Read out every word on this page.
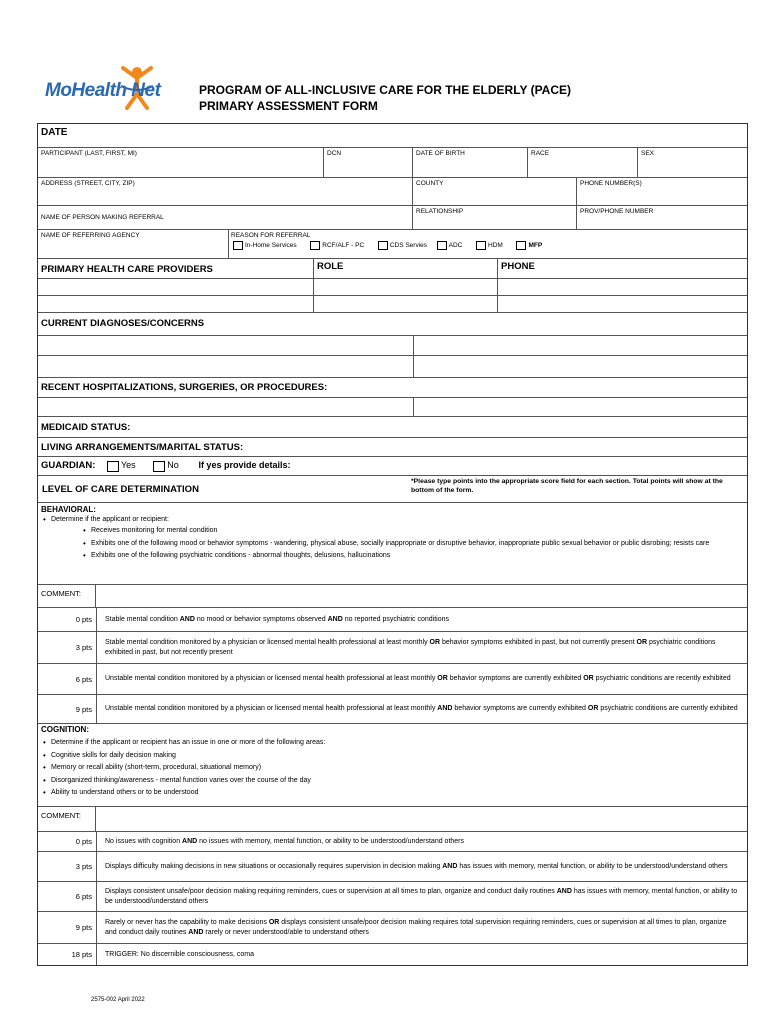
MoHealth Net	PROGRAM OF ALL-INCLUSIVE CARE FOR THE ELDERLY (PACE)
PRIMARY ASSESSMENT FORM
DATE
PARTICIPANT (LAST, FIRST, MI)	DCN	DATE OF BIRTH	RACE	SEX
ADDRESS (STREET, CITY, ZIP)	COUNTY	PHONE NUMBER(S)
NAME OF PERSON MAKING REFERRAL
RELATIONSHIP	PROV/PHONE NUMBER
NAME OF REFERRING AGENCY	REASON FOR REFERRAL
In-Home Services	RCF/ALF - PC	CDS Servies	ADC	HDM	MFP
PRIMARY HEALTH CARE PROVIDERS	ROLE	PHONE
CURRENT DIAGNOSES/CONCERNS
RECENT HOSPITALIZATIONS, SURGERIES, OR PROCEDURES:
MEDICAID STATUS:
LIVING ARRANGEMENTS/MARITAL STATUS:
GUARDIAN:	Yes	No If yes provide details:
LEVEL OF CARE DETERMINATION
*Please type points into the appropriate score field for each section. Total points will show at the bottom of the form.
BEHAVIORAL:
• Determine if the applicant or recipient:
• Receives monitoring for mental condition
• Exhibits one of the following mood or behavior symptoms - wandering, physical abuse, socially inappropriate or disruptive behavior, inappropriate public sexual behavior or public disrobing; resists care
• Exhibits one of the following psychiatric conditions - abnormal thoughts, delusions, hallucinations
COMMENT:
0 pts	Stable mental condition AND no mood or behavior symptoms observed AND no reported psychiatric conditions
3 pts
Stable mental condition monitored by a physician or licensed mental health professional at least monthly OR behavior symptoms exhibited in past, but not currently present OR psychiatric conditions exhibited in past, but not recently present
6 pts	Unstable mental condition monitored by a physician or licensed mental health professional at least monthly OR behavior symptoms are currently exhibited OR psychiatric conditions are recently exhibited
9 pts	Unstable mental condition monitored by a physician or licensed mental health professional at least monthly AND behavior symptoms are currently exhibited OR psychiatric conditions are currently exhibited
COGNITION:
• Determine if the applicant or recipient has an issue in one or more of the following areas:
• Cognitive skills for daily decision making
• Memory or recall ability (short-term, procedural, situational memory)
• Disorganized thinking/awareness - mental function varies over the course of the day
• Ability to understand others or to be understood
COMMENT:
0 pts	No issues with cognition AND no issues with memory, mental function, or ability to be understood/understand others
3 pts	Displays difficulty making decisions in new situations or occasionally requires supervision in decision making AND has issues with memory, mental function, or ability to be understood/understand others
6 pts
Displays consistent unsafe/poor decision making requiring reminders, cues or supervision at all times to plan, organize and conduct daily routines AND has issues with memory, mental function, or ability to be understood/understand others
9 pts
Rarely or never has the capability to make decisions OR displays consistent unsafe/poor decision making requires total supervision requiring reminders, cues or supervision at all times to plan, organize and conduct daily routines AND rarely or never understood/able to understand others
18 pts	TRIGGER: No discernible consciousness, coma
2575-002 April 2022
